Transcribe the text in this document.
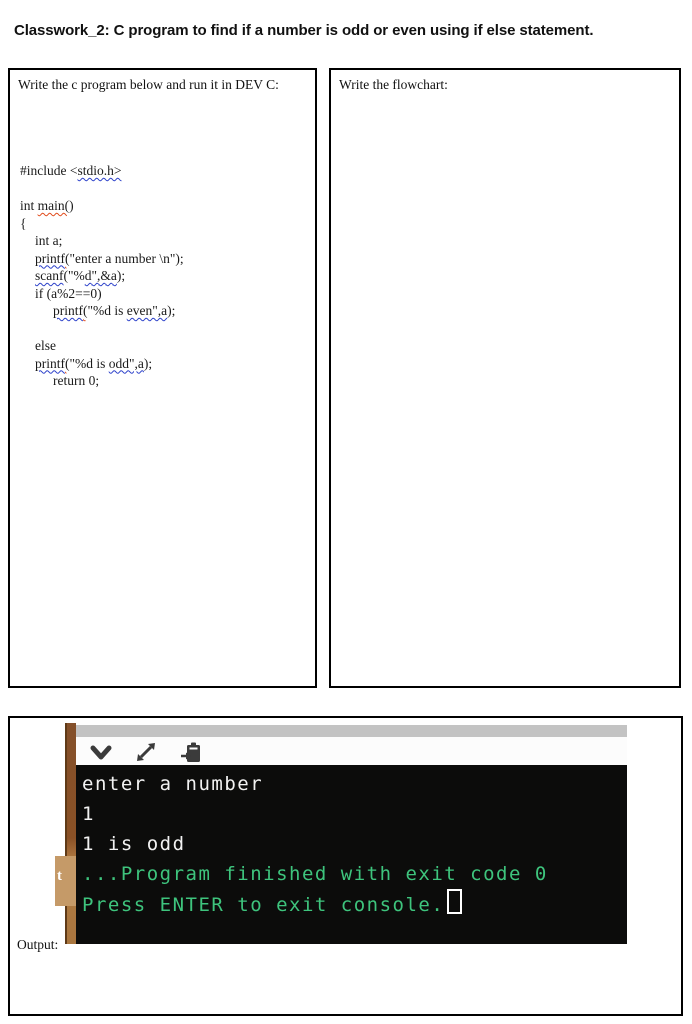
Classwork_2: C program to find if a number is odd or even using if else statement.
Write the c program below and run it in DEV C:
#include <stdio.h>

int main()
{
int a;
printf("enter a number \n");
scanf("%d",&a);
if (a%2==0)
printf("%d is even",a);

else
printf("%d is odd",a);
return 0;
Write the flowchart:
t
enter a number
1
1 is odd
...Program finished with exit code 0
Press ENTER to exit console.
Output:
